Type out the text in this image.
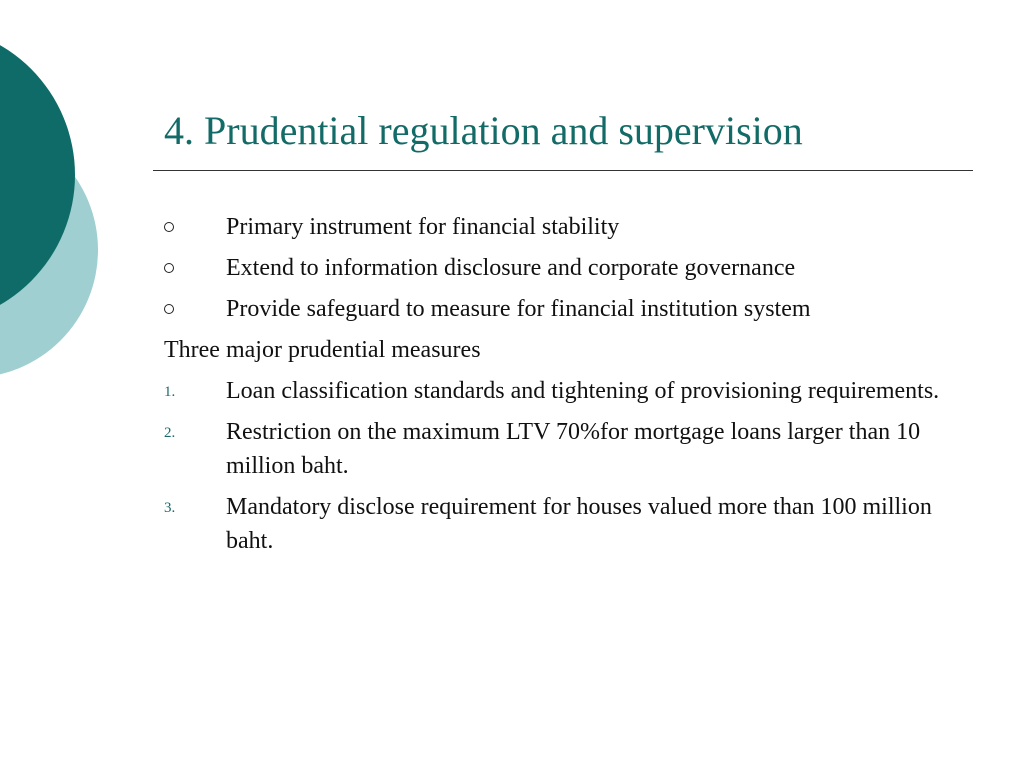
4. Prudential regulation and supervision
Primary instrument for financial stability
Extend to information disclosure and corporate governance
Provide safeguard to measure for financial institution system
Three major prudential measures
1. Loan classification standards and tightening of provisioning requirements.
2. Restriction on the maximum LTV 70%for mortgage loans larger than 10 million baht.
3. Mandatory disclose requirement for houses valued more than 100 million baht.
